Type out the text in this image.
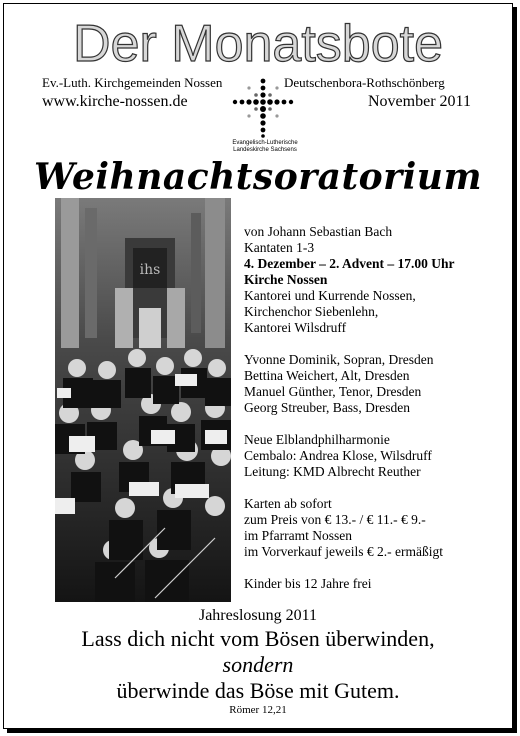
Der Monatsbote
Ev.-Luth. Kirchgemeinden Nossen	Deutschenbora-Rothschönberg
www.kirche-nossen.de	November 2011
Evangelisch-Lutherische
Landeskirche Sachsens
Weihnachtsoratorium
ihs
von Johann Sebastian Bach
Kantaten 1-3
4. Dezember – 2. Advent – 17.00 Uhr
Kirche Nossen
Kantorei und Kurrende Nossen,
Kirchenchor Siebenlehn,
Kantorei Wilsdruff
Yvonne Dominik, Sopran, Dresden
Bettina Weichert, Alt, Dresden
Manuel Günther, Tenor, Dresden
Georg Streuber, Bass, Dresden
Neue Elblandphilharmonie
Cembalo: Andrea Klose, Wilsdruff
Leitung: KMD Albrecht Reuther
Karten ab sofort
zum Preis von € 13.- / € 11.- € 9.-
im Pfarramt Nossen
im Vorverkauf jeweils € 2.- ermäßigt
Kinder bis 12 Jahre frei
Jahreslosung 2011
Lass dich nicht vom Bösen überwinden,
sondern
überwinde das Böse mit Gutem.
Römer 12,21
